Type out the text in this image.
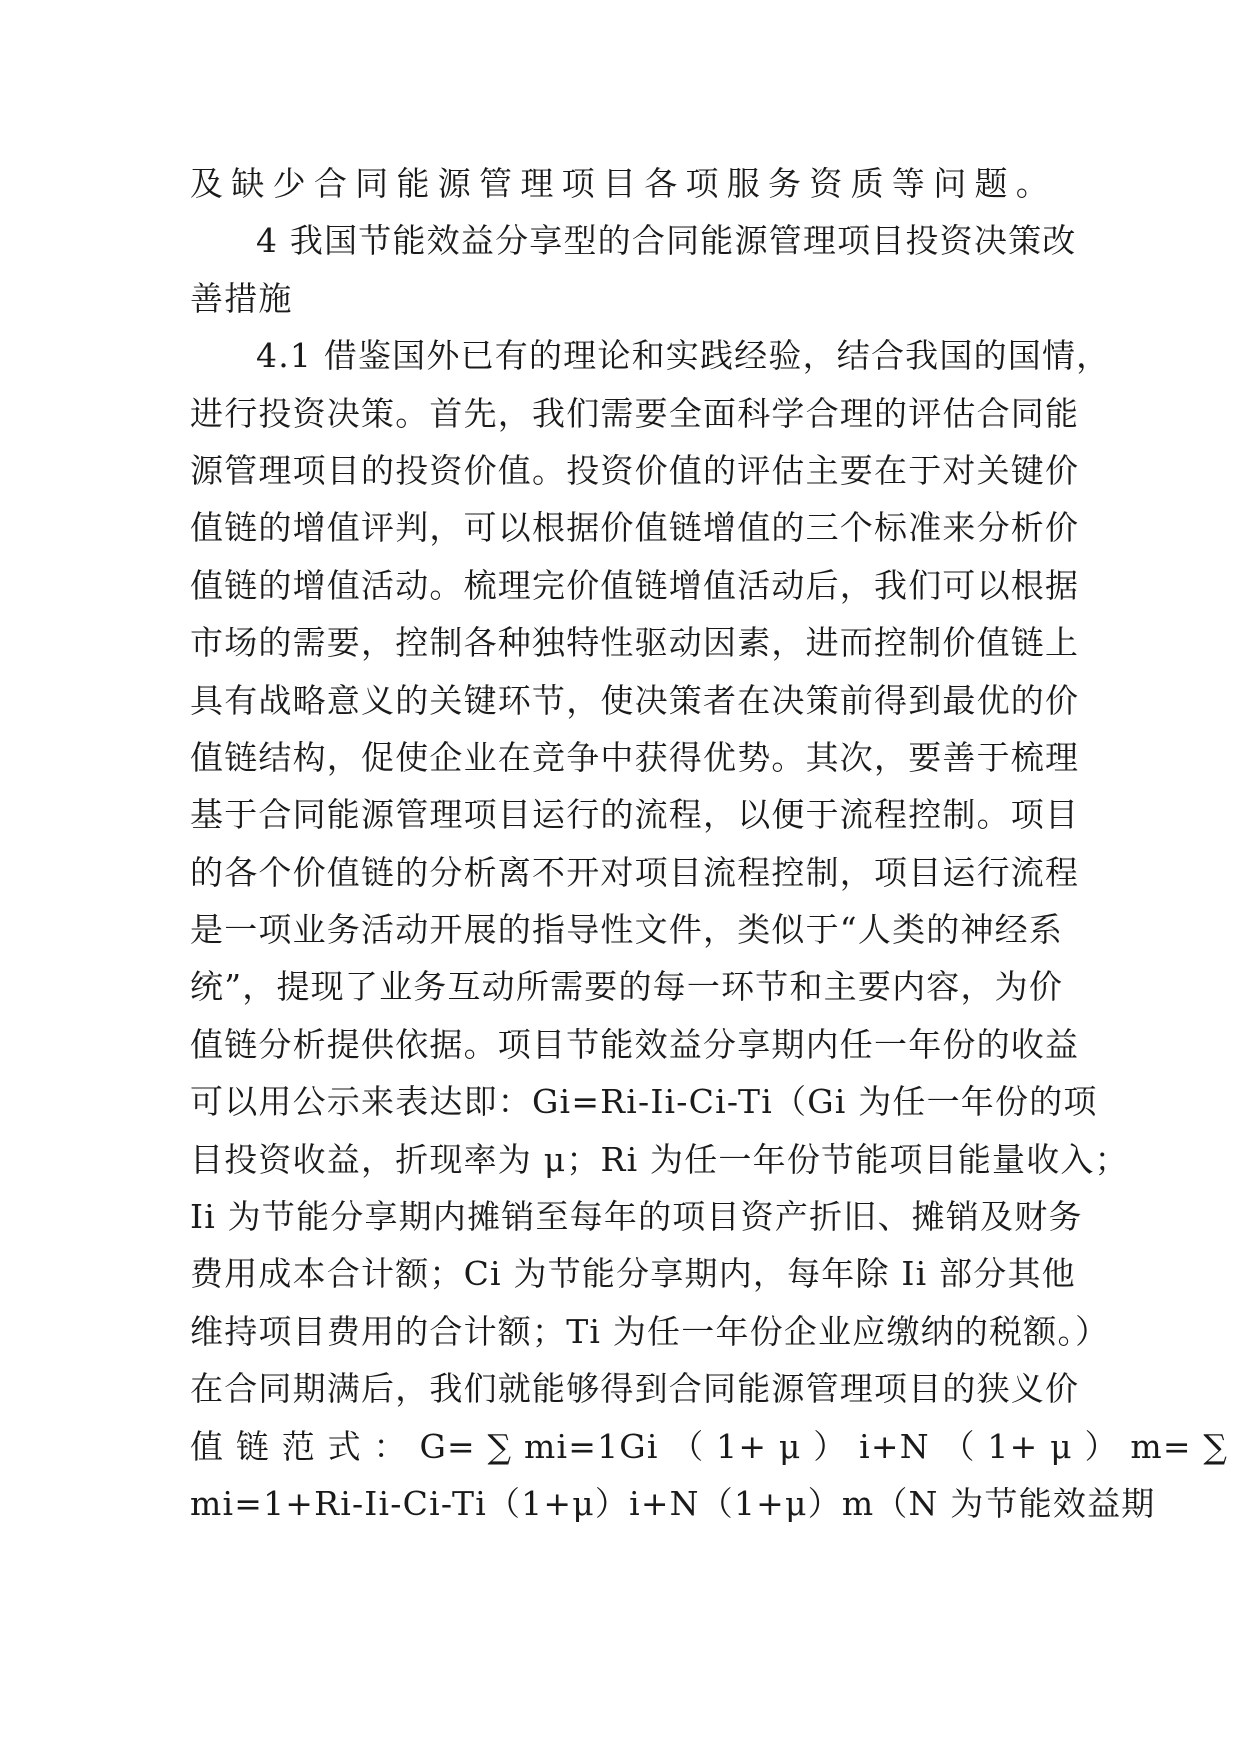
及缺少合同能源管理项目各项服务资质等问题。
4 我国节能效益分享型的合同能源管理项目投资决策改
善措施
4.1 借鉴国外已有的理论和实践经验，结合我国的国情，
进行投资决策。首先，我们需要全面科学合理的评估合同能
源管理项目的投资价值。投资价值的评估主要在于对关键价
值链的增值评判，可以根据价值链增值的三个标准来分析价
值链的增值活动。梳理完价值链增值活动后，我们可以根据
市场的需要，控制各种独特性驱动因素，进而控制价值链上
具有战略意义的关键环节，使决策者在决策前得到最优的价
值链结构，促使企业在竞争中获得优势。其次，要善于梳理
基于合同能源管理项目运行的流程，以便于流程控制。项目
的各个价值链的分析离不开对项目流程控制，项目运行流程
是一项业务活动开展的指导性文件，类似于“人类的神经系
统”，提现了业务互动所需要的每一环节和主要内容，为价
值链分析提供依据。项目节能效益分享期内任一年份的收益
可以用公示来表达即：Gi=Ri-Ii-Ci-Ti（Gi 为任一年份的项
目投资收益，折现率为 μ；Ri 为任一年份节能项目能量收入；
Ii 为节能分享期内摊销至每年的项目资产折旧、摊销及财务
费用成本合计额；Ci 为节能分享期内，每年除 Ii 部分其他
维持项目费用的合计额；Ti 为任一年份企业应缴纳的税额。）
在合同期满后，我们就能够得到合同能源管理项目的狭义价
值 链 范 式 ： G= ∑ mi=1Gi （ 1+ μ ） i+N （ 1+ μ ） m= ∑
mi=1+Ri-Ii-Ci-Ti（1+μ）i+N（1+μ）m（N 为节能效益期
